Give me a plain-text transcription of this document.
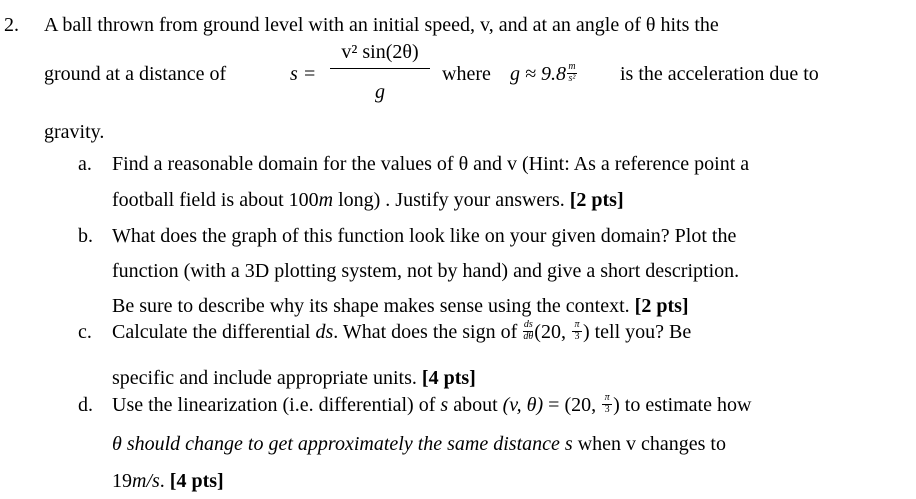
2. A ball thrown from ground level with an initial speed, v, and at an angle of θ hits the
ground at a distance of	s =
v² sin(2θ)
g
where $g \approx 9.8 \frac{m}{\text{s²}}$ is the acceleration due to
gravity.
a. Find a reasonable domain for the values of θ and v (Hint: As a reference point a
football field is about 100m long) . Justify your answers. [2 pts]
b. What does the graph of this function look like on your given domain? Plot the
function (with a 3D plotting system, not by hand) and give a short description.
Be sure to describe why its shape makes sense using the context. [2 pts]
c. Calculate the differential ds. What does the sign of $\frac{ds}{d\theta} (20$, $\frac{\pi}{3}$ ) tell you? Be
specific and include appropriate units. [4 pts]
d. Use the linearization (i.e. differential) of s about (v, θ) = (20, $\frac{\pi}{3}$ ) to estimate how
θ should change to get approximately the same distance s when v changes to
19m/s. [4 pts]
